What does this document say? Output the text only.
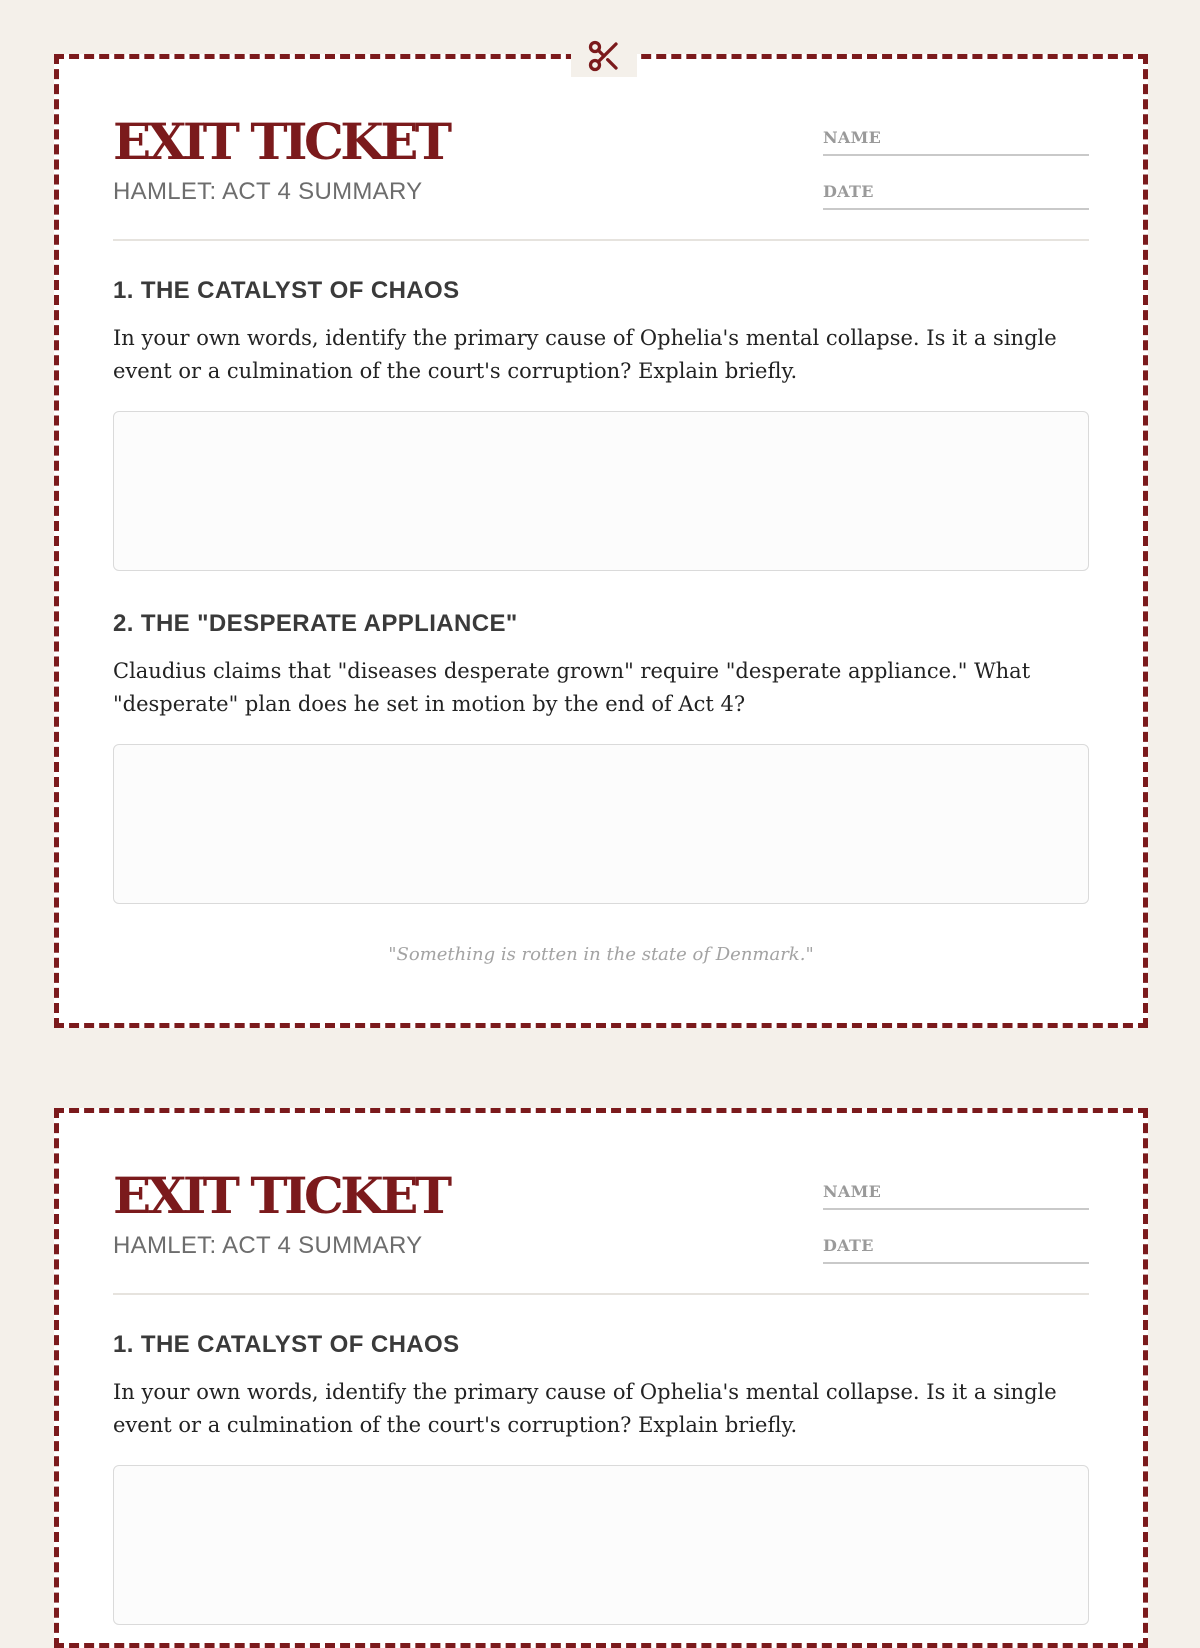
EXIT TICKET
HAMLET: ACT 4 SUMMARY
NAME
DATE
1. THE CATALYST OF CHAOS
In your own words, identify the primary cause of Ophelia's mental collapse. Is it a single event or a culmination of the court's corruption? Explain briefly.
2. THE "DESPERATE APPLIANCE"
Claudius claims that "diseases desperate grown" require "desperate appliance." What "desperate" plan does he set in motion by the end of Act 4?
"Something is rotten in the state of Denmark."
EXIT TICKET
HAMLET: ACT 4 SUMMARY
NAME
DATE
1. THE CATALYST OF CHAOS
In your own words, identify the primary cause of Ophelia's mental collapse. Is it a single event or a culmination of the court's corruption? Explain briefly.
